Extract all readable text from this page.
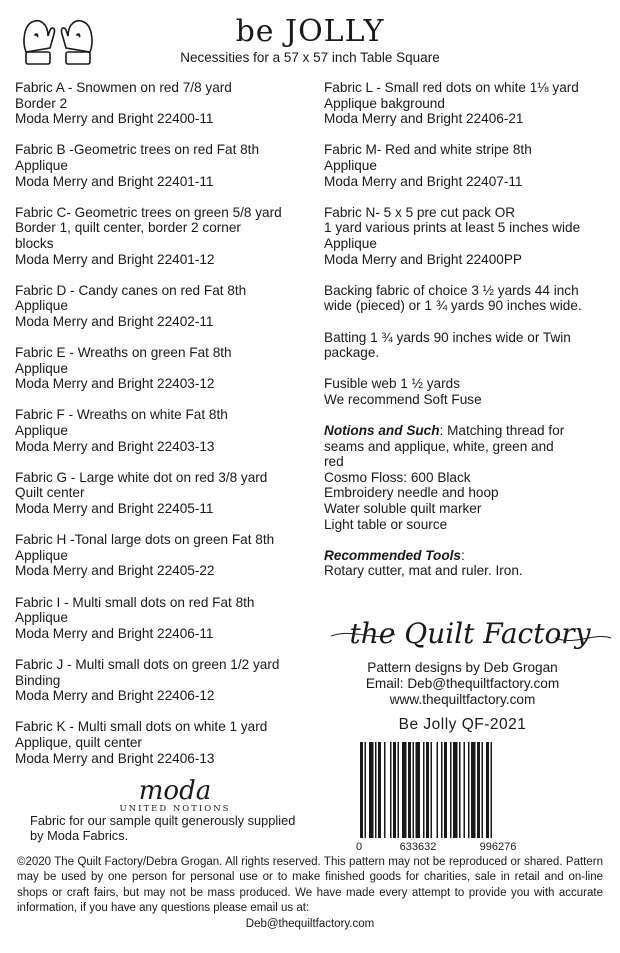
be JOLLY
Necessities for a 57 x 57 inch Table Square
Fabric A - Snowmen on red 7/8 yard
Border 2
Moda Merry and Bright 22400-11
Fabric B -Geometric trees on red Fat 8th
Applique
Moda Merry and Bright 22401-11
Fabric C- Geometric trees on green 5/8 yard
Border 1, quilt center, border 2 corner
blocks
Moda Merry and Bright 22401-12
Fabric D - Candy canes on red Fat 8th
Applique
Moda Merry and Bright 22402-11
Fabric E - Wreaths on green Fat 8th
Applique
Moda Merry and Bright 22403-12
Fabric F - Wreaths on white Fat 8th
Applique
Moda Merry and Bright 22403-13
Fabric G - Large white dot on red 3/8 yard
Quilt center
Moda Merry and Bright 22405-11
Fabric H -Tonal large dots on green Fat 8th
Applique
Moda Merry and Bright 22405-22
Fabric I - Multi small dots on red Fat 8th
Applique
Moda Merry and Bright 22406-11
Fabric J - Multi small dots on green 1/2 yard
Binding
Moda Merry and Bright 22406-12
Fabric K - Multi small dots on white 1 yard
Applique, quilt center
Moda Merry and Bright 22406-13
Fabric L - Small red dots on white 1⅛ yard
Applique bakground
Moda Merry and Bright 22406-21
Fabric M- Red and white stripe 8th
Applique
Moda Merry and Bright 22407-11
Fabric N- 5 x 5 pre cut pack OR
1 yard various prints at least 5 inches wide
Applique
Moda Merry and Bright 22400PP
Backing fabric of choice 3 ½ yards 44 inch
wide (pieced) or 1 ¾ yards 90 inches wide.
Batting 1 ¾ yards 90 inches wide or Twin
package.
Fusible web 1 ½ yards
We recommend Soft Fuse
Notions and Such: Matching thread for
seams and applique, white, green and
red
Cosmo Floss: 600 Black
Embroidery needle and hoop
Water soluble quilt marker
Light table or source
Recommended Tools:
Rotary cutter, mat and ruler. Iron.
the Quilt Factory
Pattern designs by Deb Grogan
Email: Deb@thequiltfactory.com
www.thequiltfactory.com
Be Jolly QF-2021
0	633632	996276
moda
UNITED NOTIONS
Fabric for our sample quilt generously supplied
by Moda Fabrics.
©2020 The Quilt Factory/Debra Grogan. All rights reserved. This pattern may not be reproduced or shared. Pattern may be used by one person for personal use or to make finished goods for charities, sale in retail and on-line shops or craft fairs, but may not be mass produced. We have made every attempt to provide you with accurate information, if you have any questions please email us at:
Deb@thequiltfactory.com
